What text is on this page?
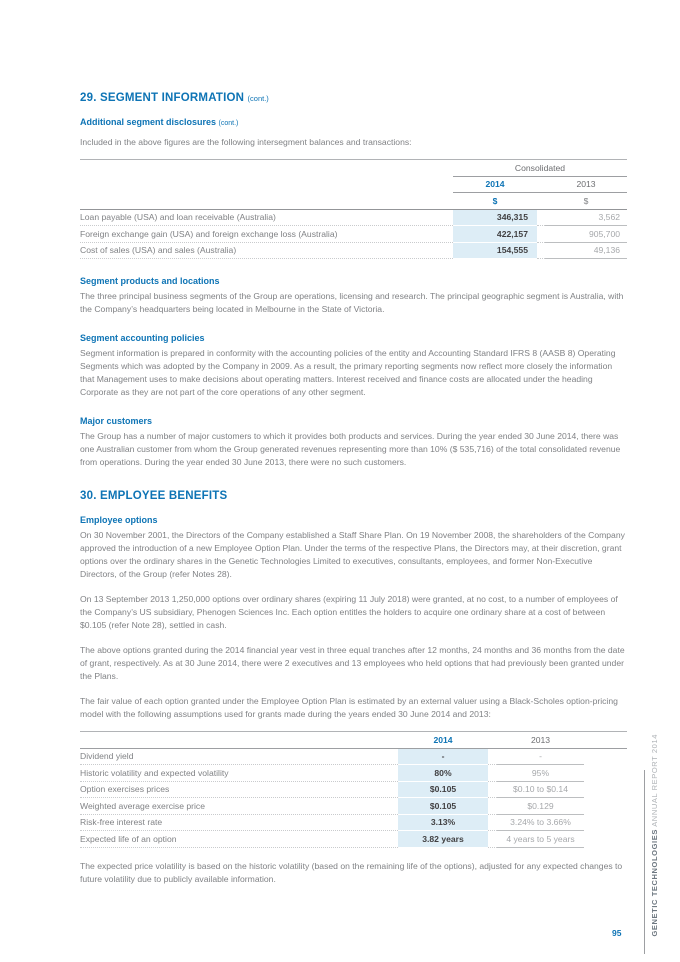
29. SEGMENT INFORMATION (cont.)
Additional segment disclosures (cont.)

Included in the above figures are the following intersegment balances and transactions:

	Consolidated		
	2014		2013
	$		$
Loan payable (USA) and loan receivable (Australia)	346,315		3,562
Foreign exchange gain (USA) and foreign exchange loss (Australia)	422,157		905,700
Cost of sales (USA) and sales (Australia)	154,555		49,136
Segment products and locations

The three principal business segments of the Group are operations, licensing and research. The principal geographic segment is Australia, with the Company’s headquarters being located in Melbourne in the State of Victoria.

Segment accounting policies

Segment information is prepared in conformity with the accounting policies of the entity and Accounting Standard IFRS 8 (AASB 8) Operating Segments which was adopted by the Company in 2009. As a result, the primary reporting segments now reflect more closely the information that Management uses to make decisions about operating matters. Interest received and finance costs are allocated under the heading Corporate as they are not part of the core operations of any other segment.

Major customers

The Group has a number of major customers to which it provides both products and services. During the year ended 30 June 2014, there was one Australian customer from whom the Group generated revenues representing more than 10% ($ 535,716) of the total consolidated revenue from operations. During the year ended 30 June 2013, there were no such customers.

30. EMPLOYEE BENEFITS
Employee options

On 30 November 2001, the Directors of the Company established a Staff Share Plan. On 19 November 2008, the shareholders of the Company approved the introduction of a new Employee Option Plan. Under the terms of the respective Plans, the Directors may, at their discretion, grant options over the ordinary shares in the Genetic Technologies Limited to executives, consultants, employees, and former Non-Executive Directors, of the Group (refer Notes 28).

On 13 September 2013 1,250,000 options over ordinary shares (expiring 11 July 2018) were granted, at no cost, to a number of employees of the Company’s US subsidiary, Phenogen Sciences Inc. Each option entitles the holders to acquire one ordinary share at a cost of between $0.105 (refer Note 28), settled in cash.

The above options granted during the 2014 financial year vest in three equal tranches after 12 months, 24 months and 36 months from the date of grant, respectively. As at 30 June 2014, there were 2 executives and 13 employees who held options that had previously been granted under the Plans.

The fair value of each option granted under the Employee Option Plan is estimated by an external valuer using a Black-Scholes option-pricing model with the following assumptions used for grants made during the years ended 30 June 2014 and 2013:

	2014		2013	
Dividend yield	-		-	
Historic volatility and expected volatility	80%		95%	
Option exercises prices	$0.105		$0.10 to $0.14	
Weighted average exercise price	$0.105		$0.129	
Risk-free interest rate	3.13%		3.24% to 3.66%	
Expected life of an option	3.82 years		4 years to 5 years	

The expected price volatility is based on the historic volatility (based on the remaining life of the options), adjusted for any expected changes to future volatility due to publicly available information.	GENETIC TECHNOLOGIES ANNUAL REPORT 2014
95
